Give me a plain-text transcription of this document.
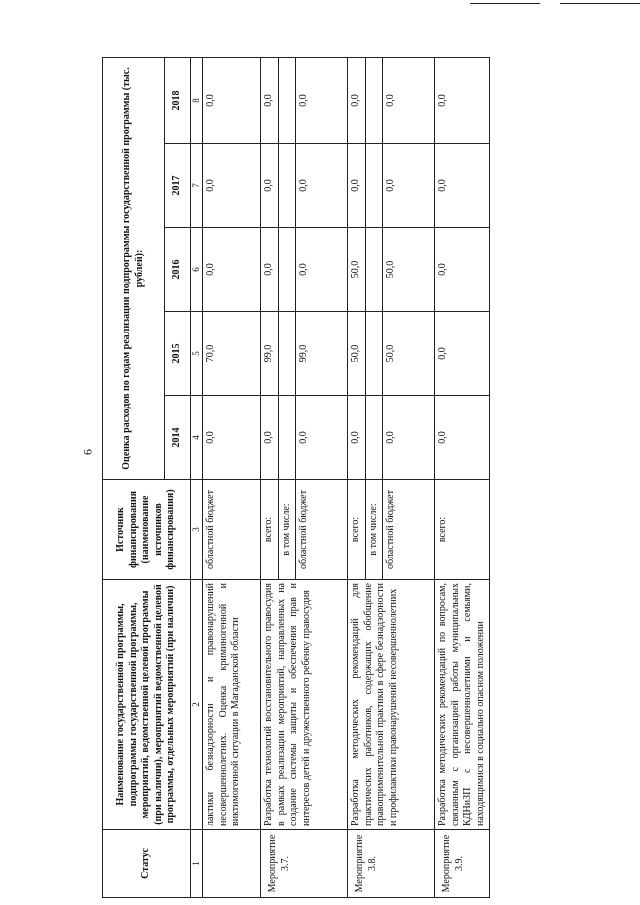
6
Статус	Наименование государственной программы, подпрограммы государственной программы, мероприятий, ведомственной целевой программы (при наличии), мероприятий ведомственной целевой программы, отдельных мероприятий (при наличии)	Источник финансирования (наименование источников финансирования)	Оценка расходов по годам реализации подпрограммы государственной программы (тыс. рублей):				
			2014	2015	2016	2017	2018
1	2	3	4	5	6	7	8
	лактики безнадзорности и правонарушений несовершеннолетних. Оценка криминогенной и виктимогенной ситуации в Магаданской области	областной бюджет	0,0	70,0	0,0	0,0	0,0
Мероприятие 3.7.	Разработка технологий восстановительного правосудия в рамках реализации мероприятий, направленных на создание системы защиты и обеспечения прав и интересов детей и дружественного ребенку правосудия	всего:	0,0	99,0	0,0	0,0	0,0
		в том числе:					
		областной бюджет	0,0	99,0	0,0	0,0	0,0
Мероприятие 3.8.	Разработка методических рекомендаций для практических работников, содержащих обобщение правоприменительной практики в сфере безнадзорности и профилактики правонарушений несовершеннолетних	всего:	0,0	50,0	50,0	0,0	0,0
		в том числе:					
		областной бюджет	0,0	50,0	50,0	0,0	0,0
Мероприятие 3.9.	Разработка методических рекомендаций по вопросам, связанным с организацией работы муниципальных КДНиЗП с несовершеннолетними и семьями, находящимися в социально опасном положении	всего:	0,0	0,0	0,0	0,0	0,0
